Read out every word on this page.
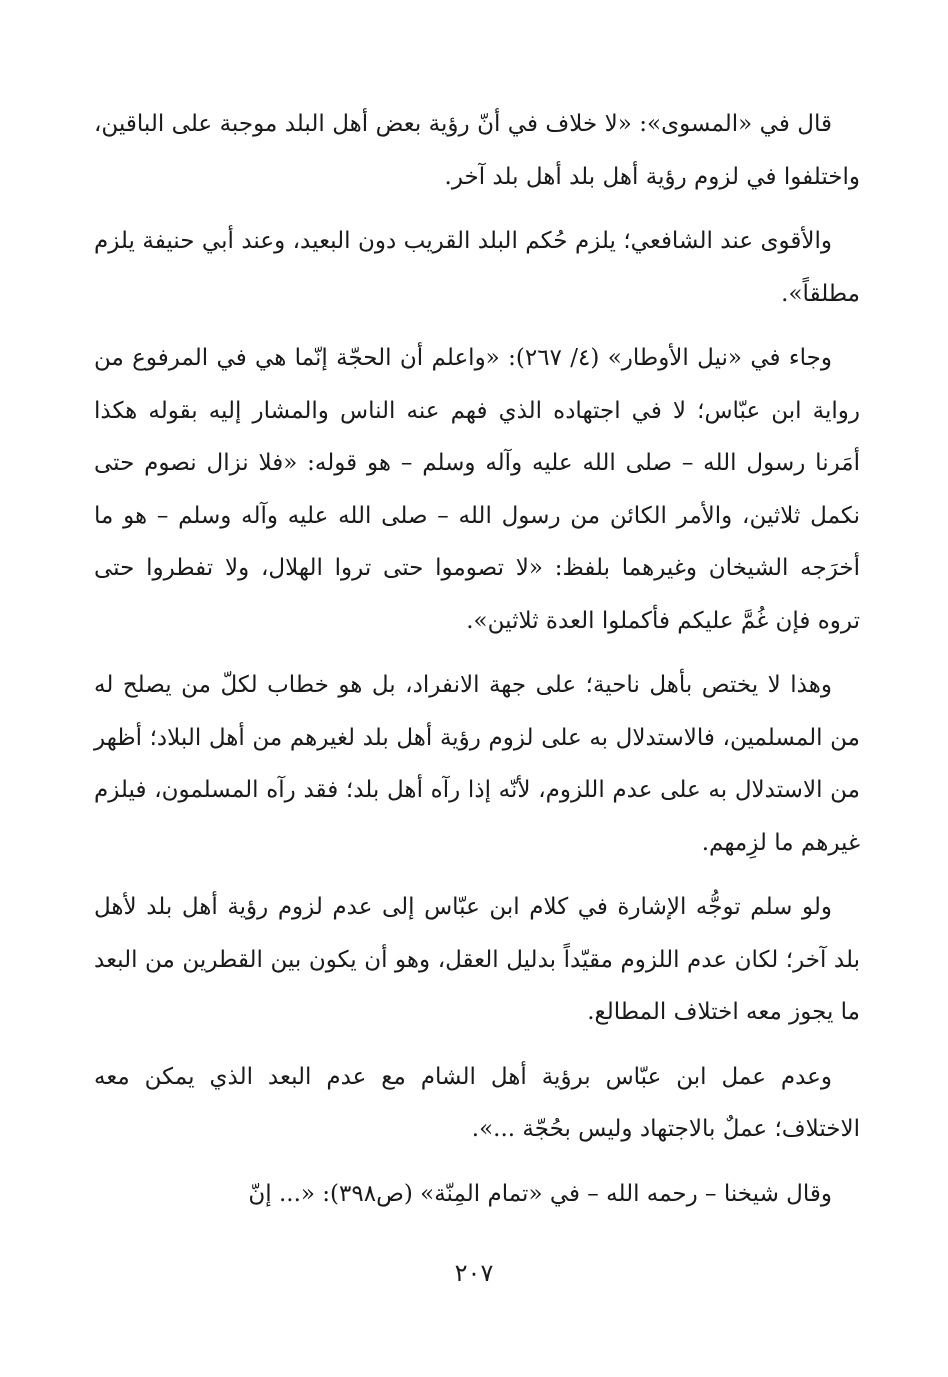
قال في «المسوى»: «لا خلاف في أنّ رؤية بعض أهل البلد موجبة على الباقين، واختلفوا في لزوم رؤية أهل بلد أهل بلد آخر.

والأقوى عند الشافعي؛ يلزم حُكم البلد القريب دون البعيد، وعند أبي حنيفة يلزم مطلقاً».

وجاء في «نيل الأوطار» (٤/ ٢٦٧): «واعلم أن الحجّة إنّما هي في المرفوع من رواية ابن عبّاس؛ لا في اجتهاده الذي فهم عنه الناس والمشار إليه بقوله هكذا أمَرنا رسول الله – صلى الله عليه وآله وسلم – هو قوله: «فلا نزال نصوم حتى نكمل ثلاثين، والأمر الكائن من رسول الله – صلى الله عليه وآله وسلم – هو ما أخرَجه الشيخان وغيرهما بلفظ: «لا تصوموا حتى تروا الهلال، ولا تفطروا حتى تروه فإن غُمَّ عليكم فأكملوا العدة ثلاثين».

وهذا لا يختص بأهل ناحية؛ على جهة الانفراد، بل هو خطاب لكلّ من يصلح له من المسلمين، فالاستدلال به على لزوم رؤية أهل بلد لغيرهم من أهل البلاد؛ أظهر من الاستدلال به على عدم اللزوم، لأنّه إذا رآه أهل بلد؛ فقد رآه المسلمون، فيلزم غيرهم ما لزِمهم.

ولو سلم توجُّه الإشارة في كلام ابن عبّاس إلى عدم لزوم رؤية أهل بلد لأهل بلد آخر؛ لكان عدم اللزوم مقيّداً بدليل العقل، وهو أن يكون بين القطرين من البعد ما يجوز معه اختلاف المطالع.

وعدم عمل ابن عبّاس برؤية أهل الشام مع عدم البعد الذي يمكن معه الاختلاف؛ عملٌ بالاجتهاد وليس بحُجّة ...».

وقال شيخنا – رحمه الله – في «تمام المِنّة» (ص٣٩٨): «... إنّ

٢٠٧
